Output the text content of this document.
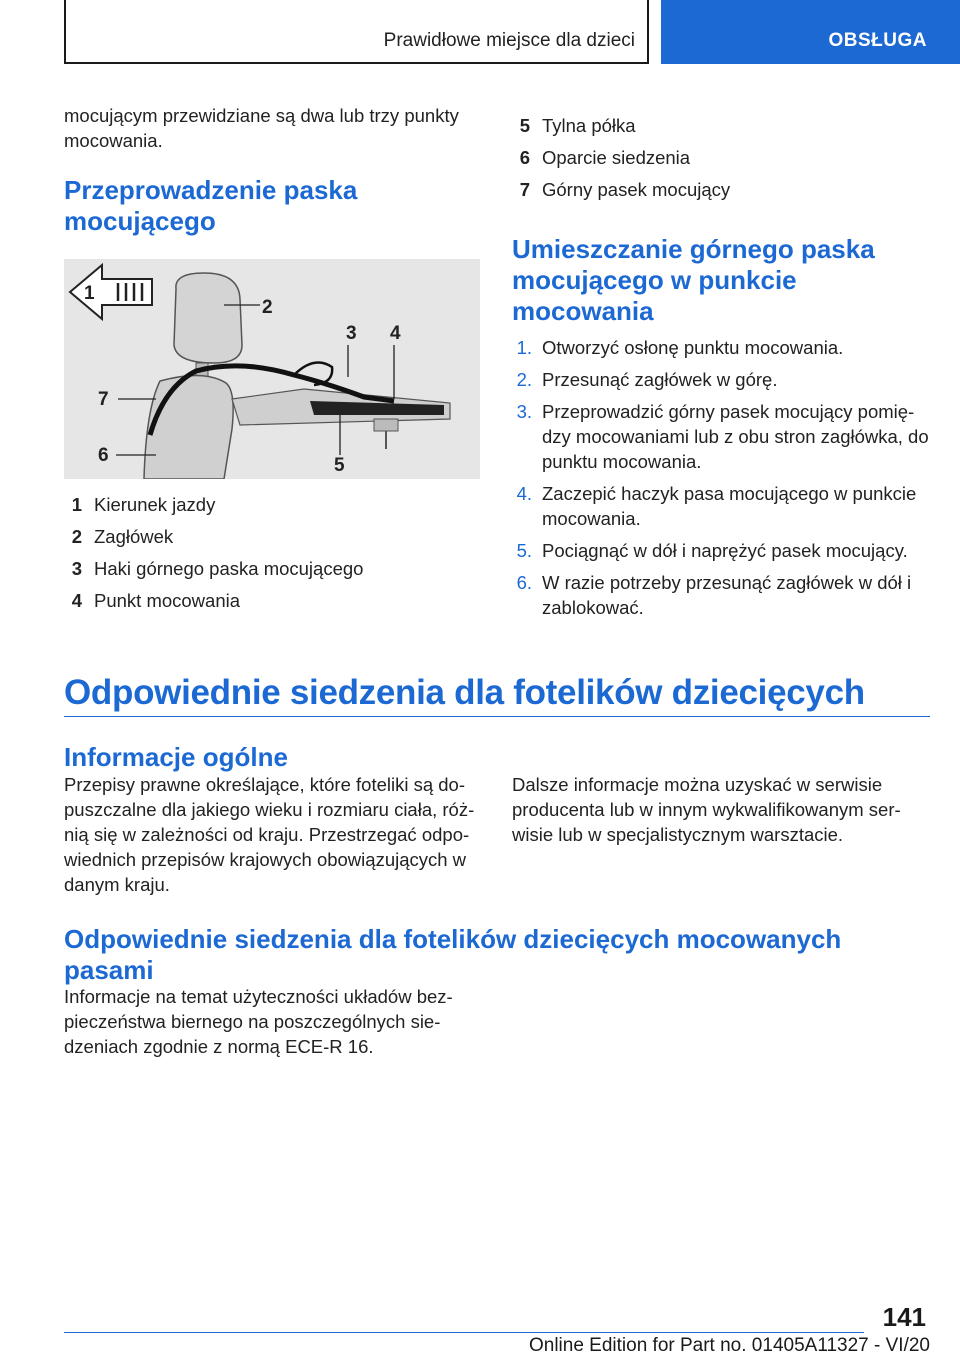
Prawidłowe miejsce dla dzieci	OBSŁUGA

mocującym przewidziane są dwa lub trzy punkty mocowania.

Przeprowadzenie paska mocującego
1
2
3 4
5
6
7
1 Kierunek jazdy
2 Zagłówek
3 Haki górnego paska mocującego
4 Punkt mocowania
5 Tylna półka
6 Oparcie siedzenia
7 Górny pasek mocujący
Umieszczanie górnego paska mocującego w punkcie mocowania
1. Otworzyć osłonę punktu mocowania.
2. Przesunąć zagłówek w górę.
3. Przeprowadzić górny pasek mocujący pomię‐dzy mocowaniami lub z obu stron zagłówka, do punktu mocowania.
4. Zaczepić haczyk pasa mocującego w punkcie mocowania.
5. Pociągnąć w dół i naprężyć pasek mocujący.
6. W razie potrzeby przesunąć zagłówek w dół i zablokować.
Odpowiednie siedzenia dla fotelików dziecięcych
Informacje ogólne

Przepisy prawne określające, które foteliki są do‐puszczalne dla jakiego wieku i rozmiaru ciała, róż‐nią się w zależności od kraju. Przestrzegać odpo‐wiednich przepisów krajowych obowiązujących w danym kraju.

Dalsze informacje można uzyskać w serwisie producenta lub w innym wykwalifikowanym ser‐wisie lub w specjalistycznym warsztacie.

Odpowiednie siedzenia dla fotelików dziecięcych mocowanych pasami

Informacje na temat użyteczności układów bez‐pieczeństwa biernego na poszczególnych sie‐dzeniach zgodnie z normą ECE-R 16.

141
Online Edition for Part no. 01405A11327 - VI/20
